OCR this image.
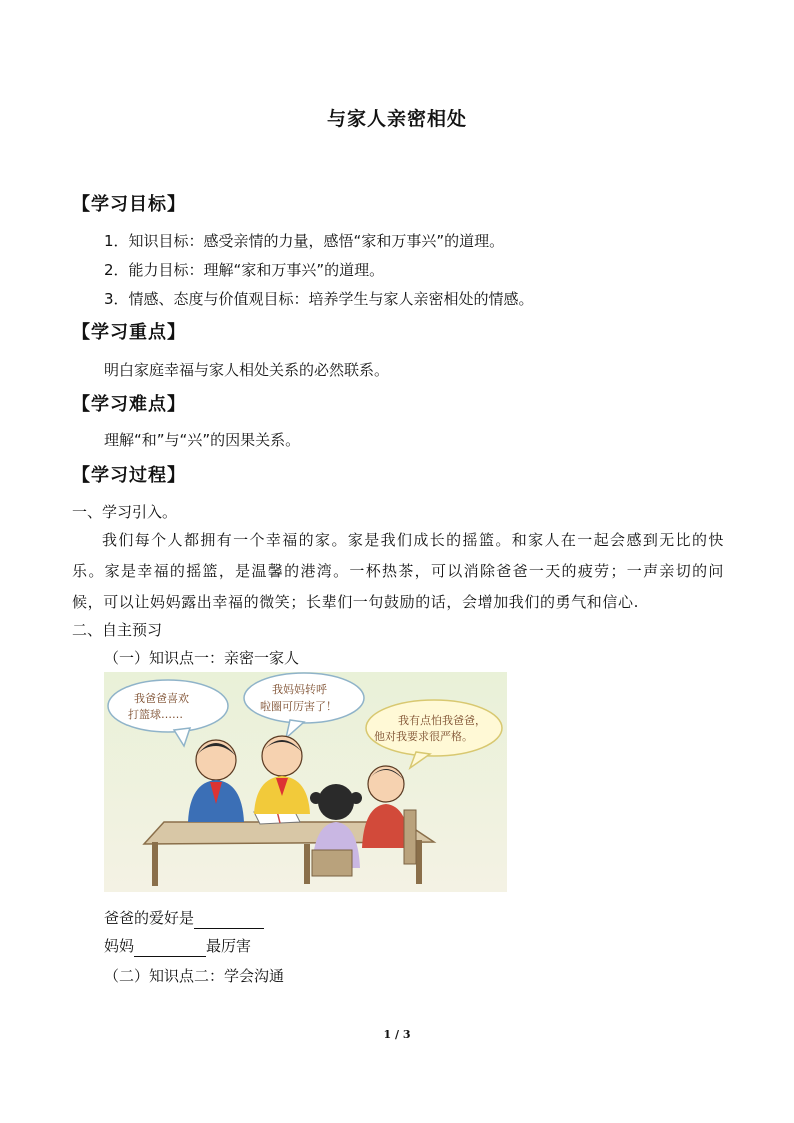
与家人亲密相处
【学习目标】
1．知识目标：感受亲情的力量，感悟“家和万事兴”的道理。
2．能力目标：理解“家和万事兴”的道理。
3．情感、态度与价值观目标：培养学生与家人亲密相处的情感。
【学习重点】
明白家庭幸福与家人相处关系的必然联系。
【学习难点】
理解“和”与“兴”的因果关系。
【学习过程】
一、学习引入。
我们每个人都拥有一个幸福的家。家是我们成长的摇篮。和家人在一起会感到无比的快乐。家是幸福的摇篮，是温馨的港湾。一杯热茶，可以消除爸爸一天的疲劳；一声亲切的问候，可以让妈妈露出幸福的微笑；长辈们一句鼓励的话，会增加我们的勇气和信心.
二、自主预习
（一）知识点一：亲密一家人
我爸爸喜欢
打篮球……
我妈妈转呼
啦圈可厉害了！
我有点怕我爸爸，
他对我要求很严格。
爸爸的爱好是
妈妈	最厉害
（二）知识点二：学会沟通
1 / 3
